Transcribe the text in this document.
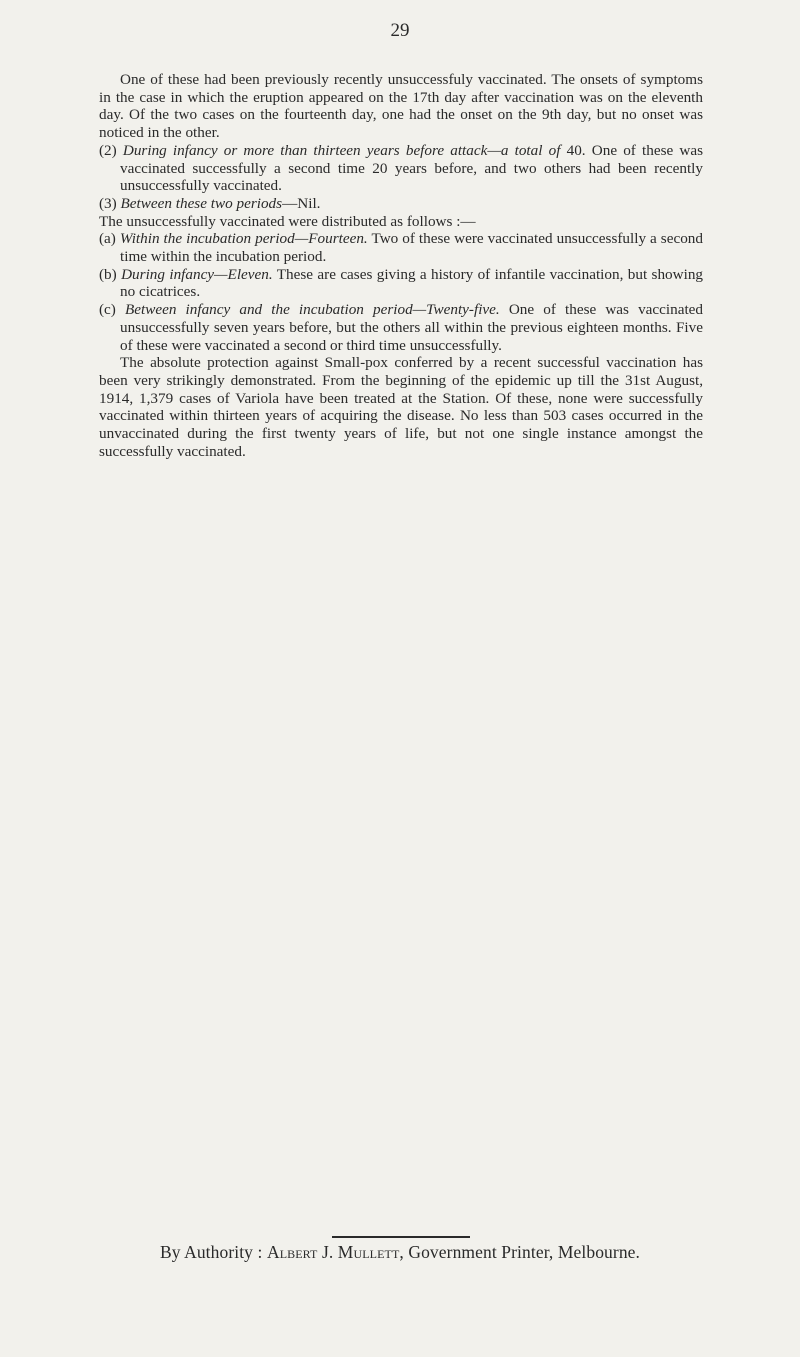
29

One of these had been previously recently unsuccessfuly vaccinated. The onsets of symptoms in the case in which the eruption appeared on the 17th day after vaccination was on the eleventh day. Of the two cases on the fourteenth day, one had the onset on the 9th day, but no onset was noticed in the other.

(2) During infancy or more than thirteen years before attack—a total of 40. One of these was vaccinated successfully a second time 20 years before, and two others had been recently unsuccessfully vaccinated.

(3) Between these two periods—Nil.

The unsuccessfully vaccinated were distributed as follows :—

(a) Within the incubation period—Fourteen. Two of these were vaccinated unsuccessfully a second time within the incubation period.

(b) During infancy—Eleven. These are cases giving a history of infantile vaccination, but showing no cicatrices.

(c) Between infancy and the incubation period—Twenty-five. One of these was vaccinated unsuccessfully seven years before, but the others all within the previous eighteen months. Five of these were vaccinated a second or third time unsuccessfully.

The absolute protection against Small-pox conferred by a recent successful vaccination has been very strikingly demonstrated. From the beginning of the epidemic up till the 31st August, 1914, 1,379 cases of Variola have been treated at the Station. Of these, none were successfully vaccinated within thirteen years of acquiring the disease. No less than 503 cases occurred in the unvaccinated during the first twenty years of life, but not one single instance amongst the successfully vaccinated.

By Authority : Albert J. Mullett, Government Printer, Melbourne.
